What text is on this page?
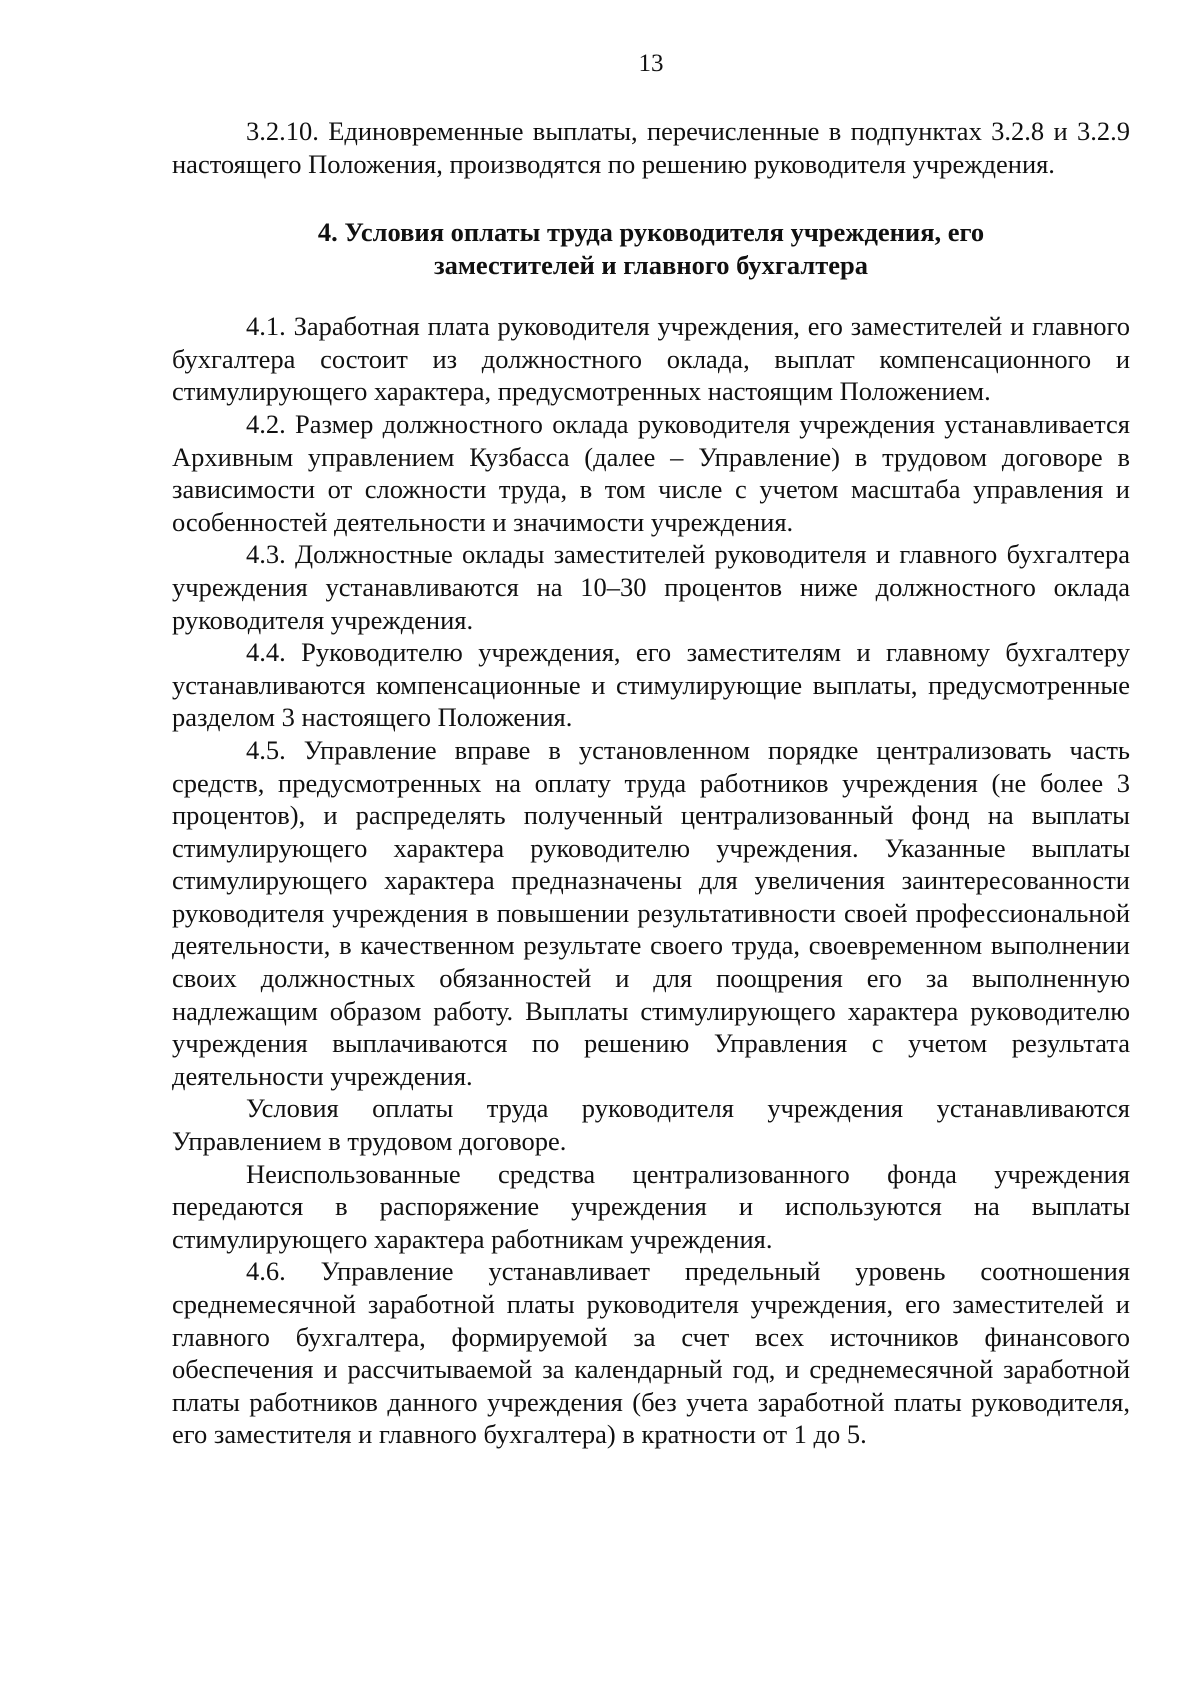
13

3.2.10. Единовременные выплаты, перечисленные в подпунктах 3.2.8 и 3.2.9 настоящего Положения, производятся по решению руководителя учреждения.

4. Условия оплаты труда руководителя учреждения, его
заместителей и главного бухгалтера

4.1. Заработная плата руководителя учреждения, его заместителей и главного бухгалтера состоит из должностного оклада, выплат компенсационного и стимулирующего характера, предусмотренных настоящим Положением.

4.2. Размер должностного оклада руководителя учреждения устанавливается Архивным управлением Кузбасса (далее – Управление) в трудовом договоре в зависимости от сложности труда, в том числе с учетом масштаба управления и особенностей деятельности и значимости учреждения.

4.3. Должностные оклады заместителей руководителя и главного бухгалтера учреждения устанавливаются на 10–30 процентов ниже должностного оклада руководителя учреждения.

4.4. Руководителю учреждения, его заместителям и главному бухгалтеру устанавливаются компенсационные и стимулирующие выплаты, предусмотренные разделом 3 настоящего Положения.

4.5. Управление вправе в установленном порядке централизовать часть средств, предусмотренных на оплату труда работников учреждения (не более 3 процентов), и распределять полученный централизованный фонд на выплаты стимулирующего характера руководителю учреждения. Указанные выплаты стимулирующего характера предназначены для увеличения заинтересованности руководителя учреждения в повышении результативности своей профессиональной деятельности, в качественном результате своего труда, своевременном выполнении своих должностных обязанностей и для поощрения его за выполненную надлежащим образом работу. Выплаты стимулирующего характера руководителю учреждения выплачиваются по решению Управления с учетом результата деятельности учреждения.

Условия оплаты труда руководителя учреждения устанавливаются Управлением в трудовом договоре.

Неиспользованные средства централизованного фонда учреждения передаются в распоряжение учреждения и используются на выплаты стимулирующего характера работникам учреждения.

4.6. Управление устанавливает предельный уровень соотношения среднемесячной заработной платы руководителя учреждения, его заместителей и главного бухгалтера, формируемой за счет всех источников финансового обеспечения и рассчитываемой за календарный год, и среднемесячной заработной платы работников данного учреждения (без учета заработной платы руководителя, его заместителя и главного бухгалтера) в кратности от 1 до 5.
